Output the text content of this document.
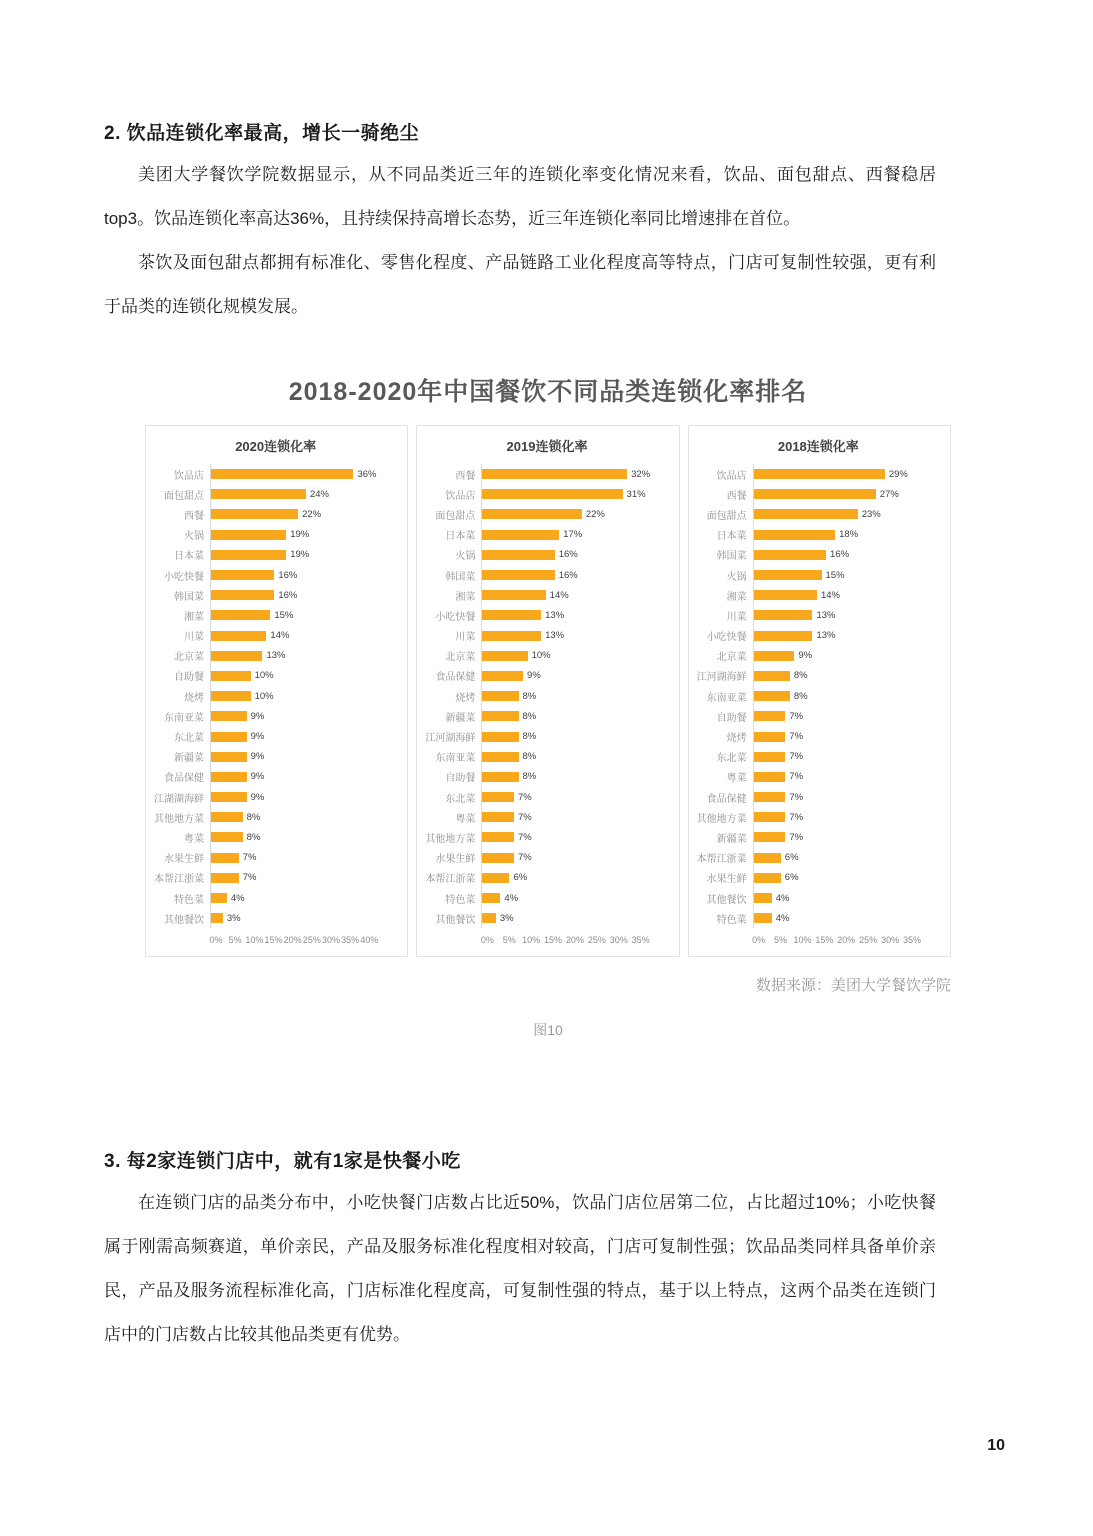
2. 饮品连锁化率最高，增长一骑绝尘

美团大学餐饮学院数据显示，从不同品类近三年的连锁化率变化情况来看，饮品、面包甜点、西餐稳居top3。饮品连锁化率高达36%，且持续保持高增长态势，近三年连锁化率同比增速排在首位。

茶饮及面包甜点都拥有标准化、零售化程度、产品链路工业化程度高等特点，门店可复制性较强，更有利于品类的连锁化规模发展。

2018-2020年中国餐饮不同品类连锁化率排名
2020连锁化率
饮品店	36%
面包甜点	24%
西餐	22%
火锅	19%
日本菜	19%
小吃快餐	16%
韩国菜	16%
湘菜	15%
川菜	14%
北京菜	13%
自助餐	10%
烧烤	10%
东南亚菜	9%
东北菜	9%
新疆菜	9%
食品保健	9%
江湖湖海鲜	9%
其他地方菜	8%
粤菜	8%
水果生鲜	7%
本帮江浙菜	7%
特色菜	4%
其他餐饮	3%
0% 5% 10% 15% 20% 25% 30% 35% 40%
2019连锁化率
西餐	32%
饮品店	31%
面包甜点	22%
日本菜	17%
火锅	16%
韩国菜	16%
湘菜	14%
小吃快餐	13%
川菜	13%
北京菜	10%
食品保健	9%
烧烤	8%
新疆菜	8%
江河湖海鲜	8%
东南亚菜	8%
自助餐	8%
东北菜	7%
粤菜	7%
其他地方菜	7%
水果生鲜	7%
本帮江浙菜	6%
特色菜	4%
其他餐饮	3%
0% 5% 10% 15% 20% 25% 30% 35%
2018连锁化率
饮品店	29%
西餐	27%
面包甜点	23%
日本菜	18%
韩国菜	16%
火锅	15%
湘菜	14%
川菜	13%
小吃快餐	13%
北京菜	9%
江河湖海鲜	8%
东南亚菜	8%
自助餐	7%
烧烤	7%
东北菜	7%
粤菜	7%
食品保健	7%
其他地方菜	7%
新疆菜	7%
本帮江浙菜	6%
水果生鲜	6%
其他餐饮	4%
特色菜	4%
0% 5% 10% 15% 20% 25% 30% 35%
数据来源：美团大学餐饮学院
图10
3. 每2家连锁门店中，就有1家是快餐小吃

在连锁门店的品类分布中，小吃快餐门店数占比近50%，饮品门店位居第二位，占比超过10%；小吃快餐属于刚需高频赛道，单价亲民，产品及服务标准化程度相对较高，门店可复制性强；饮品品类同样具备单价亲民，产品及服务流程标准化高，门店标准化程度高，可复制性强的特点，基于以上特点，这两个品类在连锁门店中的门店数占比较其他品类更有优势。

10
